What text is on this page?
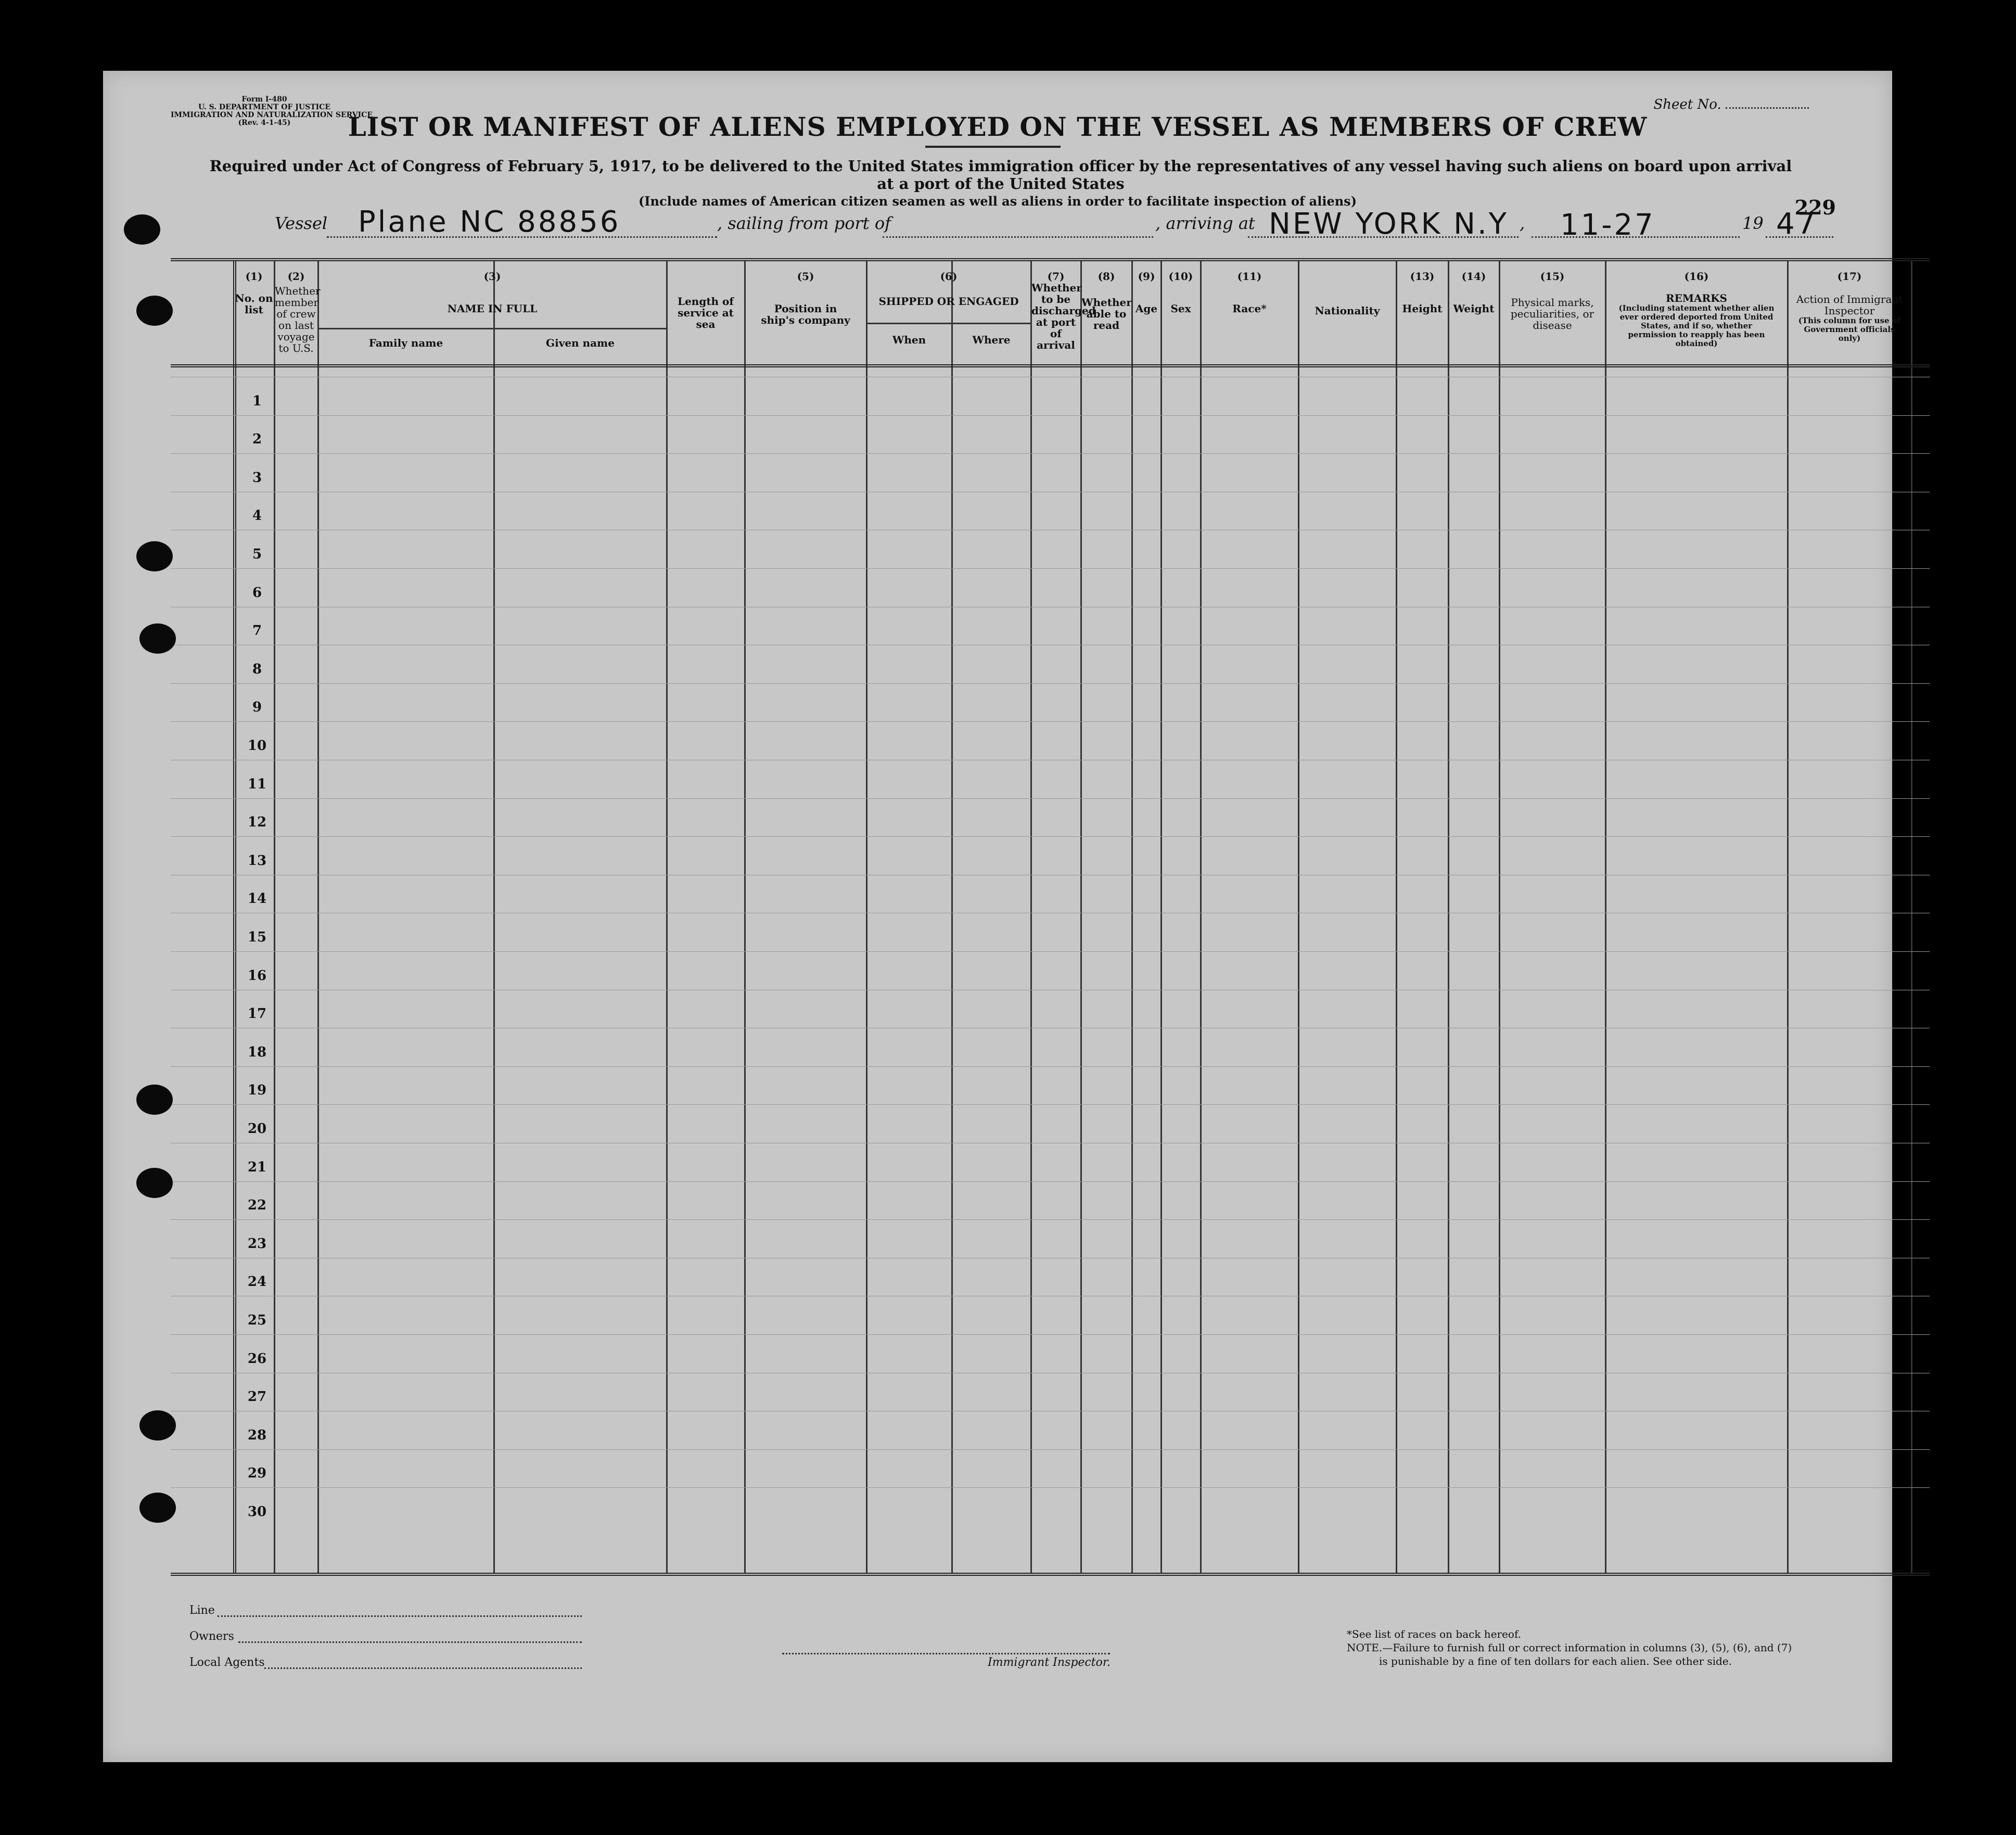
Form I-480
U. S. DEPARTMENT OF JUSTICE
IMMIGRATION AND NATURALIZATION SERVICE
(Rev. 4-1-45)
Sheet No.
LIST OR MANIFEST OF ALIENS EMPLOYED ON THE VESSEL AS MEMBERS OF CREW
Required under Act of Congress of February 5, 1917, to be delivered to the United States immigration officer by the representatives of any vessel having such aliens on board upon arrival at a port of the United States
(Include names of American citizen seamen as well as aliens in order to facilitate inspection of aliens)	229
Vessel Plane NC 88856	, sailing from port of	, arriving at NEW YORK N.Y , 11-27	19 47
(1)
No. on list
(2)
Whether member of crew on last voyage to U.S.
(3)
NAME IN FULL
Family name	Given name
Length of service at sea
(5)
Position in ship's company
(6)
SHIPPED OR ENGAGED
When	Where
(7)
Whether to be discharged at port of arrival
(8)
Whether able to read
(9)
Age
(10)
Sex
(11)
Race*	Nationality
(13)
Height
(14)
Weight
(15)
Physical marks, peculiarities, or disease
(16)
REMARKS
(Including statement whether alien ever ordered deported from United States, and if so, whether permission to reapply has been obtained)
(17)
Action of Immigrant Inspector
(This column for use of Government officials only)
1
2
3
4
5
6
7
8
9
10
11
12
13
14
15
16
17
18
19
20
21
22
23
24
25
26
27
28
29
30
Line
Owners
Local Agents	Immigrant Inspector.
*See list of races on back hereof.
NOTE.—Failure to furnish full or correct information in columns (3), (5), (6), and (7)
is punishable by a fine of ten dollars for each alien. See other side.
